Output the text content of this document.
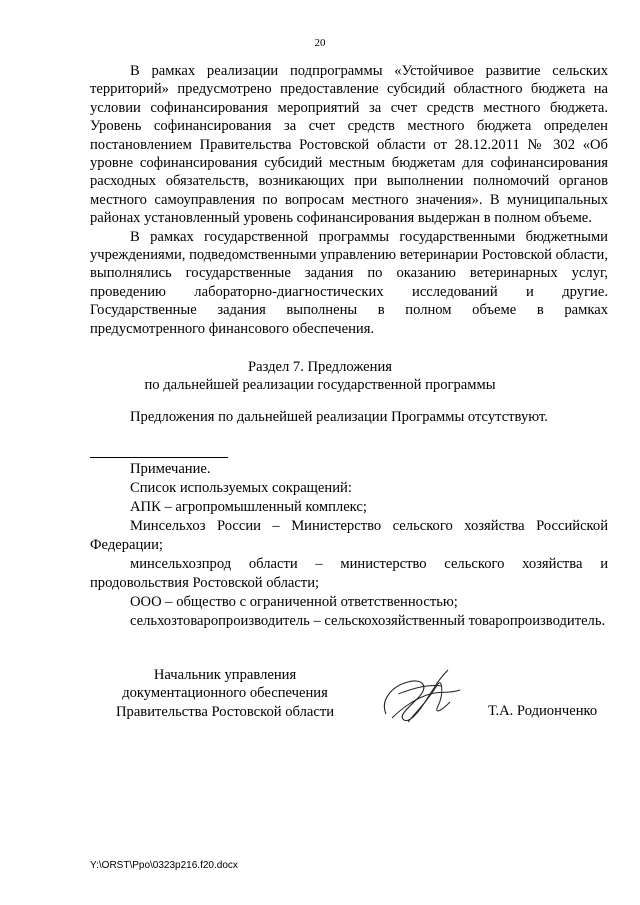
20

В рамках реализации подпрограммы «Устойчивое развитие сельских территорий» предусмотрено предоставление субсидий областного бюджета на условии софинансирования мероприятий за счет средств местного бюджета. Уровень софинансирования за счет средств местного бюджета определен постановлением Правительства Ростовской области от 28.12.2011 № 302 «Об уровне софинансирования субсидий местным бюджетам для софинансирования расходных обязательств, возникающих при выполнении полномочий органов местного самоуправления по вопросам местного значения». В муниципальных районах установленный уровень софинансирования выдержан в полном объеме.

В рамках государственной программы государственными бюджетными учреждениями, подведомственными управлению ветеринарии Ростовской области, выполнялись государственные задания по оказанию ветеринарных услуг, проведению лабораторно-диагностических исследований и другие. Государственные задания выполнены в полном объеме в рамках предусмотренного финансового обеспечения.

Раздел 7. Предложения
по дальнейшей реализации государственной программы

Предложения по дальнейшей реализации Программы отсутствуют.

Примечание.

Список используемых сокращений:

АПК – агропромышленный комплекс;

Минсельхоз России – Министерство сельского хозяйства Российской Федерации;

минсельхозпрод области – министерство сельского хозяйства и продовольствия Ростовской области;

ООО – общество с ограниченной ответственностью;

сельхозтоваропроизводитель – сельскохозяйственный товаропроизводитель.

Начальник управления
документационного обеспечения
Правительства Ростовской области	Т.А. Родионченко
Y:\ORST\Ppo\0323p216.f20.docx
